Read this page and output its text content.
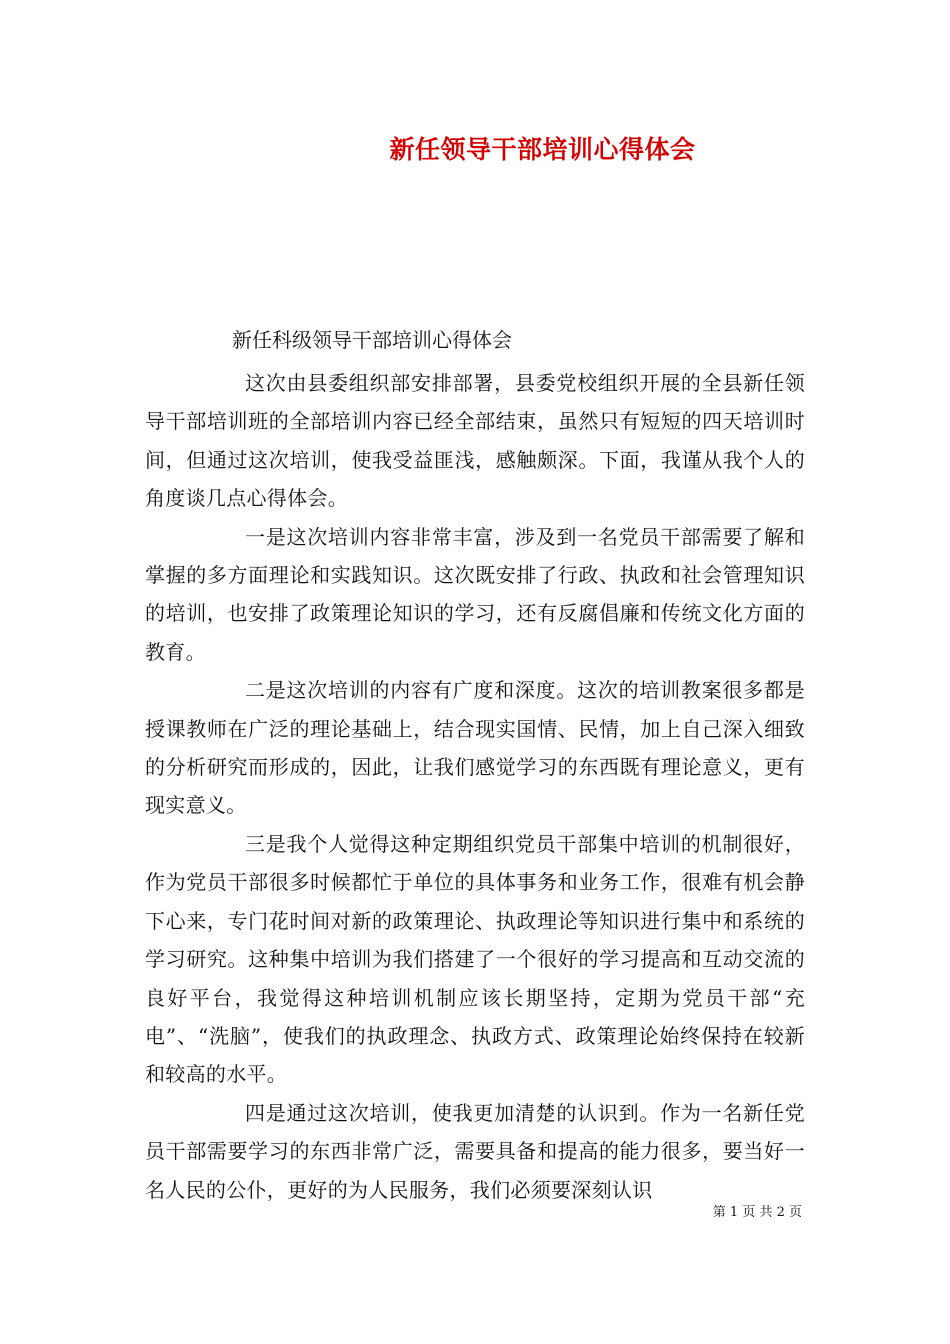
新任领导干部培训心得体会
新任科级领导干部培训心得体会

这次由县委组织部安排部署，县委党校组织开展的全县新任领导干部培训班的全部培训内容已经全部结束，虽然只有短短的四天培训时间，但通过这次培训，使我受益匪浅，感触颇深。下面，我谨从我个人的角度谈几点心得体会。

一是这次培训内容非常丰富，涉及到一名党员干部需要了解和掌握的多方面理论和实践知识。这次既安排了行政、执政和社会管理知识的培训，也安排了政策理论知识的学习，还有反腐倡廉和传统文化方面的教育。

二是这次培训的内容有广度和深度。这次的培训教案很多都是授课教师在广泛的理论基础上，结合现实国情、民情，加上自己深入细致的分析研究而形成的，因此，让我们感觉学习的东西既有理论意义，更有现实意义。

三是我个人觉得这种定期组织党员干部集中培训的机制很好，作为党员干部很多时候都忙于单位的具体事务和业务工作，很难有机会静下心来，专门花时间对新的政策理论、执政理论等知识进行集中和系统的学习研究。这种集中培训为我们搭建了一个很好的学习提高和互动交流的良好平台，我觉得这种培训机制应该长期坚持，定期为党员干部“充电”、“洗脑”，使我们的执政理念、执政方式、政策理论始终保持在较新和较高的水平。

四是通过这次培训，使我更加清楚的认识到。作为一名新任党员干部需要学习的东西非常广泛，需要具备和提高的能力很多，要当好一名人民的公仆，更好的为人民服务，我们必须要深刻认识

第 1 页 共 2 页
